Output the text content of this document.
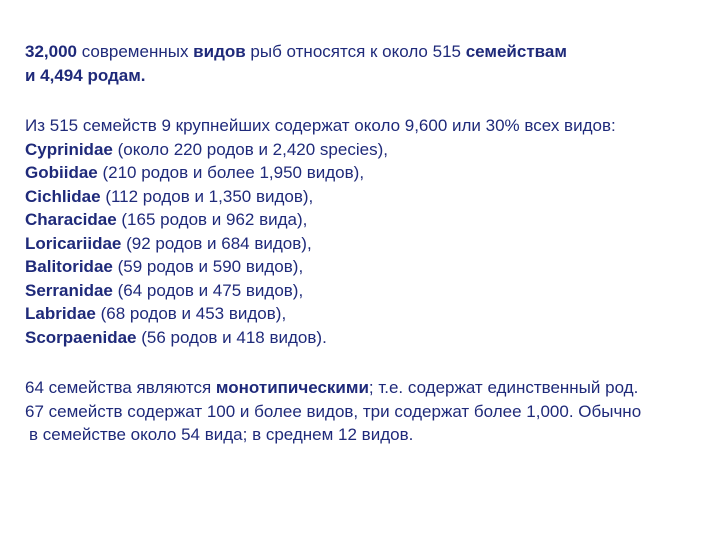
32,000 современных видов рыб относятся к около 515 семействам
и 4,494 родам.
Из 515 семейств 9 крупнейших содержат около 9,600 или 30% всех видов:
Cyprinidae (около 220 родов и 2,420 species),
Gobiidae (210 родов и более 1,950 видов),
Cichlidae (112 родов и 1,350 видов),
Characidae (165 родов и 962 вида),
Loricariidae (92 родов и 684 видов),
Balitoridae (59 родов и 590 видов),
Serranidae (64 родов и 475 видов),
Labridae (68 родов и 453 видов),
Scorpaenidae (56 родов и 418 видов).
64 семейства являются монотипическими; т.е. содержат единственный род.
67 семейств содержат 100 и более видов, три содержат более 1,000. Обычно
в семействе около 54 вида; в среднем 12 видов.
